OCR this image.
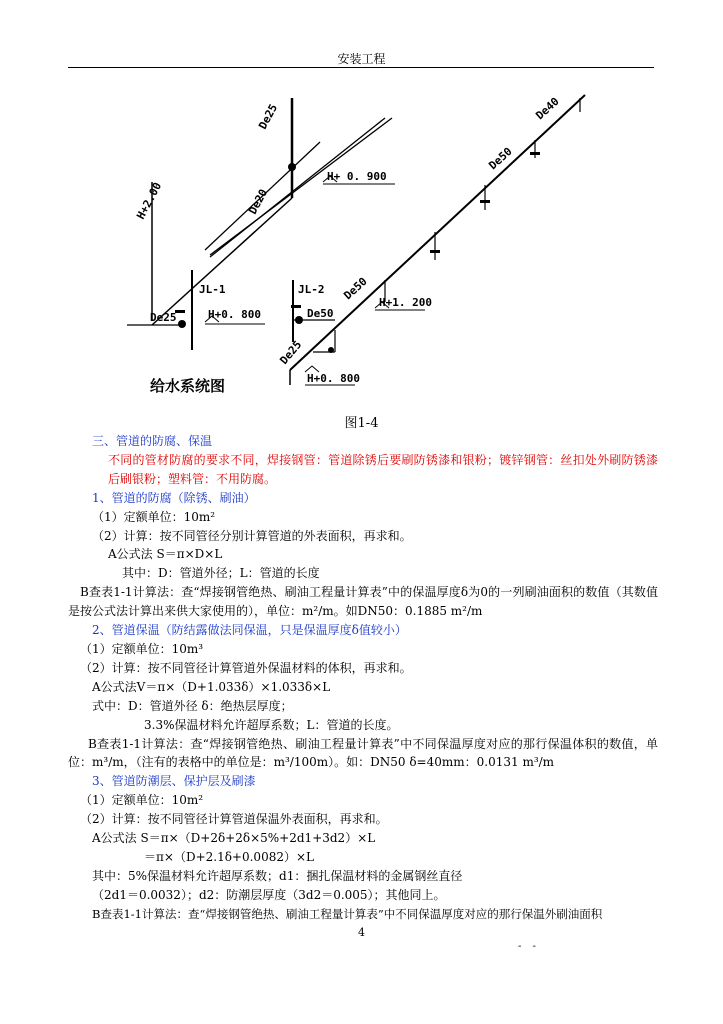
安装工程
De25
H+2.00	De20
H+ 0. 900
De40
De50
JL-1
De25	H+0. 800
JL-2
De50
De50
H+1. 200
De25
H+0. 800
给水系统图
图1-4

三、管道的防腐、保温

不同的管材防腐的要求不同，焊接钢管：管道除锈后要刷防锈漆和银粉；镀锌钢管：丝扣处外刷防锈漆后刷银粉；塑料管：不用防腐。

1、管道的防腐（除锈、刷油）

（1）定额单位：10m²

（2）计算：按不同管径分别计算管道的外表面积，再求和。

A公式法 S＝π×D×L

其中：D：管道外径；L：管道的长度

B查表1-1计算法：查“焊接钢管绝热、刷油工程量计算表”中的保温厚度δ为0的一列刷油面积的数值（其数值是按公式法计算出来供大家使用的），单位：m²/m。如DN50：0.1885 m²/m

2、管道保温（防结露做法同保温，只是保温厚度δ值较小）

（1）定额单位：10m³

（2）计算：按不同管径计算管道外保温材料的体积，再求和。

A公式法V＝π×（D+1.033δ）×1.033δ×L

式中：D：管道外径 δ：绝热层厚度；

3.3%保温材料允许超厚系数；L：管道的长度。

B查表1-1计算法：查“焊接钢管绝热、刷油工程量计算表”中不同保温厚度对应的那行保温体积的数值，单位：m³/m，（注有的表格中的单位是：m³/100m）。如：DN50 δ=40mm：0.0131 m³/m

3、管道防潮层、保护层及刷漆

（1）定额单位：10m²

（2）计算：按不同管径计算管道保温外表面积，再求和。

A公式法 S＝π×（D+2δ+2δ×5%+2d1+3d2）×L

＝π×（D+2.1δ+0.0082）×L

其中：5%保温材料允许超厚系数；d1：捆扎保温材料的金属钢丝直径

（2d1＝0.0032）；d2：防潮层厚度（3d2＝0.005）；其他同上。

B查表1-1计算法：查“焊接钢管绝热、刷油工程量计算表”中不同保温厚度对应的那行保温外刷油面积

4
- -
